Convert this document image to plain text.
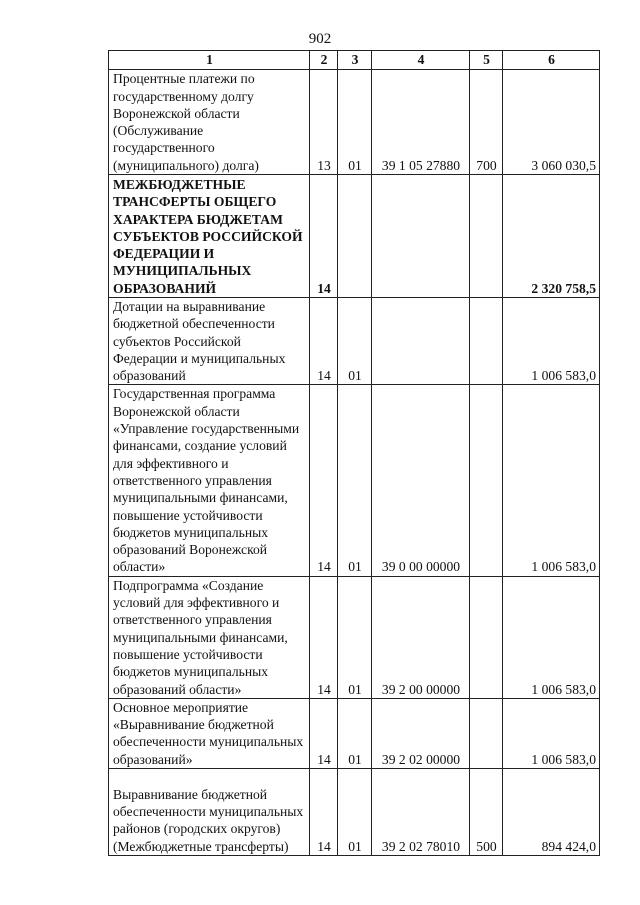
902
1	2	3	4	5	6
Процентные платежи по государственному долгу Воронежской области (Обслуживание государственного (муниципального) долга)	13	01	39 1 05 27880	700	3 060 030,5
МЕЖБЮДЖЕТНЫЕ ТРАНСФЕРТЫ ОБЩЕГО ХАРАКТЕРА БЮДЖЕТАМ СУБЪЕКТОВ РОССИЙСКОЙ ФЕДЕРАЦИИ И МУНИЦИПАЛЬНЫХ ОБРАЗОВАНИЙ	14				2 320 758,5
Дотации на выравнивание бюджетной обеспеченности субъектов Российской Федерации и муниципальных образований	14	01			1 006 583,0
Государственная программа Воронежской области «Управление государственными финансами, создание условий для эффективного и ответственного управления муниципальными финансами, повышение устойчивости бюджетов муниципальных образований Воронежской области»	14	01	39 0 00 00000		1 006 583,0
Подпрограмма «Создание условий для эффективного и ответственного управления муниципальными финансами, повышение устойчивости бюджетов муниципальных образований области»	14	01	39 2 00 00000		1 006 583,0
Основное мероприятие «Выравнивание бюджетной обеспеченности муниципальных образований»	14	01	39 2 02 00000		1 006 583,0
Выравнивание бюджетной обеспеченности муниципальных районов (городских округов) (Межбюджетные трансферты)	14	01	39 2 02 78010	500	894 424,0
